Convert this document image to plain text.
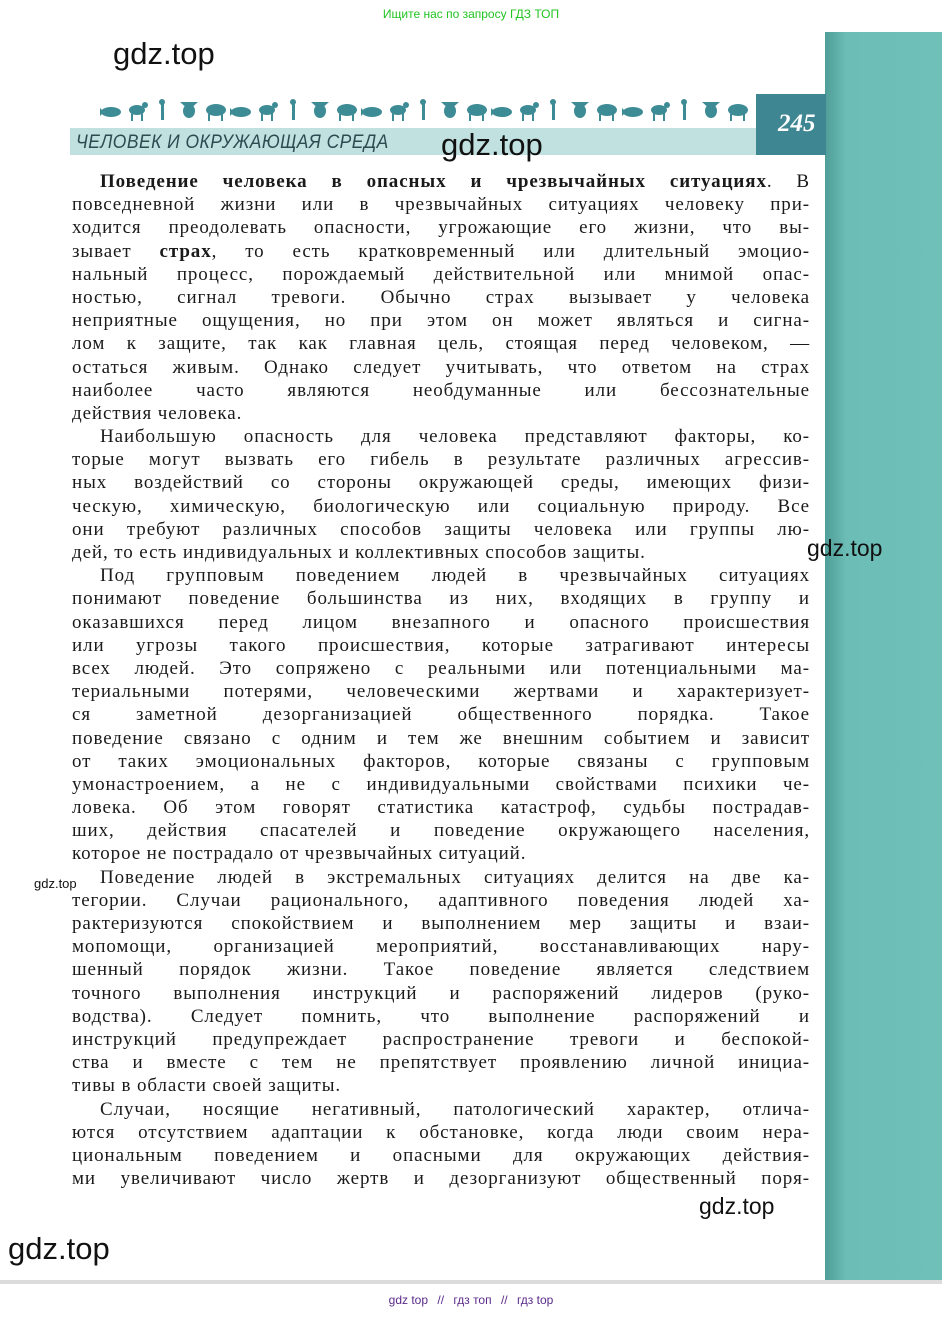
Ищите нас по запросу ГДЗ ТОП
ЧЕЛОВЕК И ОКРУЖАЮЩАЯ СРЕДА
245
Поведение человека в опасных и чрезвычайных ситуациях. В
повседневной жизни или в чрезвычайных ситуациях человеку при-
ходится преодолевать опасности, угрожающие его жизни, что вы-
зывает страх, то есть кратковременный или длительный эмоцио-
нальный процесс, порождаемый действительной или мнимой опас-
ностью, сигнал тревоги. Обычно страх вызывает у человека
неприятные ощущения, но при этом он может являться и сигна-
лом к защите, так как главная цель, стоящая перед человеком, —
остаться живым. Однако следует учитывать, что ответом на страх
наиболее часто являются необдуманные или бессознательные
действия человека.
Наибольшую опасность для человека представляют факторы, ко-
торые могут вызвать его гибель в результате различных агрессив-
ных воздействий со стороны окружающей среды, имеющих физи-
ческую, химическую, биологическую или социальную природу. Все
они требуют различных способов защиты человека или группы лю-
дей, то есть индивидуальных и коллективных способов защиты.
Под групповым поведением людей в чрезвычайных ситуациях
понимают поведение большинства из них, входящих в группу и
оказавшихся перед лицом внезапного и опасного происшествия
или угрозы такого происшествия, которые затрагивают интересы
всех людей. Это сопряжено с реальными или потенциальными ма-
териальными потерями, человеческими жертвами и характеризует-
ся заметной дезорганизацией общественного порядка. Такое
поведение связано с одним и тем же внешним событием и зависит
от таких эмоциональных факторов, которые связаны с групповым
умонастроением, а не с индивидуальными свойствами психики че-
ловека. Об этом говорят статистика катастроф, судьбы пострадав-
ших, действия спасателей и поведение окружающего населения,
которое не пострадало от чрезвычайных ситуаций.
Поведение людей в экстремальных ситуациях делится на две ка-
тегории. Случаи рационального, адаптивного поведения людей ха-
рактеризуются спокойствием и выполнением мер защиты и взаи-
мопомощи, организацией мероприятий, восстанавливающих нару-
шенный порядок жизни. Такое поведение является следствием
точного выполнения инструкций и распоряжений лидеров (руко-
водства). Следует помнить, что выполнение распоряжений и
инструкций предупреждает распространение тревоги и беспокой-
ства и вместе с тем не препятствует проявлению личной инициа-
тивы в области своей защиты.
Случаи, носящие негативный, патологический характер, отлича-
ются отсутствием адаптации к обстановке, когда люди своим нера-
циональным поведением и опасными для окружающих действия-
ми увеличивают число жертв и дезорганизуют общественный поря-
gdz.top
gdz.top
gdz.top
gdz.top
gdz.top
gdz.top
gdz top // гдз топ // гдз top
